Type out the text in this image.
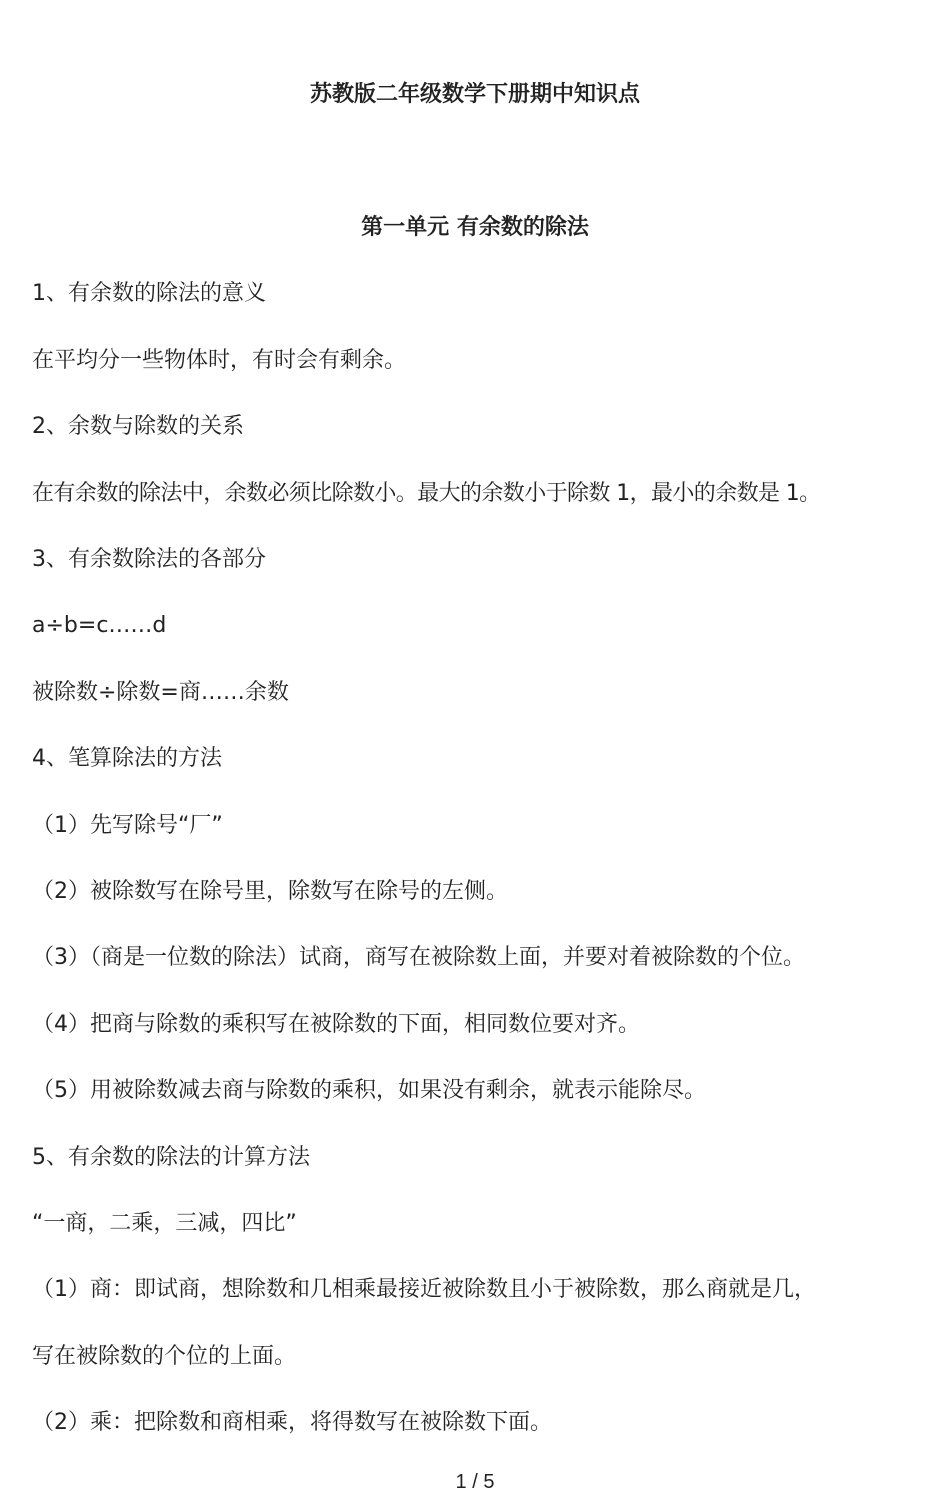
苏教版二年级数学下册期中知识点
第一单元 有余数的除法

1、有余数的除法的意义

在平均分一些物体时，有时会有剩余。

2、余数与除数的关系

在有余数的除法中，余数必须比除数小。最大的余数小于除数 1，最小的余数是 1。

3、有余数除法的各部分

a÷b=c……d

被除数÷除数=商……余数

4、笔算除法的方法

（1）先写除号“厂”

（2）被除数写在除号里，除数写在除号的左侧。

（3）（商是一位数的除法）试商，商写在被除数上面，并要对着被除数的个位。

（4）把商与除数的乘积写在被除数的下面，相同数位要对齐。

（5）用被除数减去商与除数的乘积，如果没有剩余，就表示能除尽。

5、有余数的除法的计算方法

“一商，二乘，三减，四比”

（1）商：即试商，想除数和几相乘最接近被除数且小于被除数，那么商就是几，

写在被除数的个位的上面。

（2）乘：把除数和商相乘，将得数写在被除数下面。

1 / 5
